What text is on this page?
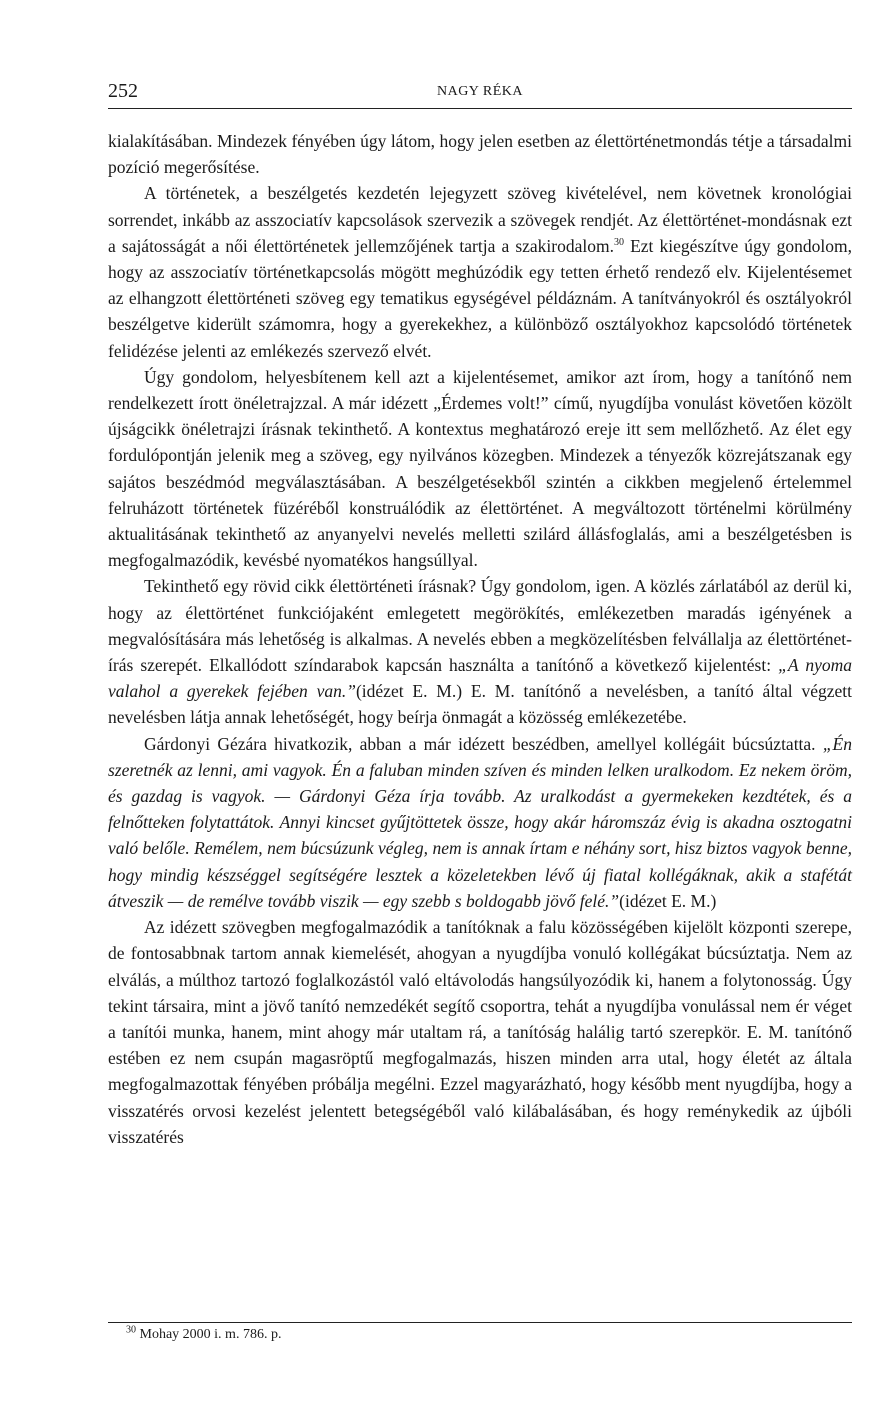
252	NAGY RÉKA

kialakításában. Mindezek fényében úgy látom, hogy jelen esetben az élettörténetmondás tétje a társadalmi pozíció megerősítése.

A történetek, a beszélgetés kezdetén lejegyzett szöveg kivételével, nem követnek kronológiai sorrendet, inkább az asszociatív kapcsolások szervezik a szövegek rendjét. Az élettörténet-mondásnak ezt a sajátosságát a női élettörténetek jellemzőjének tartja a szakirodalom.$^{30}$ Ezt kiegészítve úgy gondolom, hogy az asszociatív történetkapcsolás mögött meghúzódik egy tetten érhető rendező elv. Kijelentésemet az elhangzott élettörténeti szöveg egy tematikus egységével példáznám. A tanítványokról és osztályokról beszélgetve kiderült számomra, hogy a gyerekekhez, a különböző osztályokhoz kapcsolódó történetek felidézése jelenti az emlékezés szervező elvét.

Úgy gondolom, helyesbítenem kell azt a kijelentésemet, amikor azt írom, hogy a tanítónő nem rendelkezett írott önéletrajzzal. A már idézett „Érdemes volt!” című, nyugdíjba vonulást követően közölt újságcikk önéletrajzi írásnak tekinthető. A kontextus meghatározó ereje itt sem mellőzhető. Az élet egy fordulópontján jelenik meg a szöveg, egy nyilvános közegben. Mindezek a tényezők közrejátszanak egy sajátos beszédmód megválasztásában. A beszélgetésekből szintén a cikkben megjelenő értelemmel felruházott történetek füzéréből konstruálódik az élettörténet. A megváltozott történelmi körülmény aktualitásának tekinthető az anyanyelvi nevelés melletti szilárd állásfoglalás, ami a beszélgetésben is megfogalmazódik, kevésbé nyomatékos hangsúllyal.

Tekinthető egy rövid cikk élettörténeti írásnak? Úgy gondolom, igen. A közlés zárlatából az derül ki, hogy az élettörténet funkciójaként emlegetett megörökítés, emlékezetben maradás igényének a megvalósítására más lehetőség is alkalmas. A nevelés ebben a megközelítésben felvállalja az élettörténet-írás szerepét. Elkallódott színdarabok kapcsán használta a tanítónő a következő kijelentést: „A nyoma valahol a gyerekek fejében van.”(idézet E. M.) E. M. tanítónő a nevelésben, a tanító által végzett nevelésben látja annak lehetőségét, hogy beírja önmagát a közösség emlékezetébe.

Gárdonyi Gézára hivatkozik, abban a már idézett beszédben, amellyel kollégáit búcsúztatta. „Én szeretnék az lenni, ami vagyok. Én a faluban minden szíven és minden lelken uralkodom. Ez nekem öröm, és gazdag is vagyok. — Gárdonyi Géza írja tovább. Az uralkodást a gyermekeken kezdtétek, és a felnőtteken folytattátok. Annyi kincset gyűjtöttetek össze, hogy akár háromszáz évig is akadna osztogatni való belőle. Remélem, nem búcsúzunk végleg, nem is annak írtam e néhány sort, hisz biztos vagyok benne, hogy mindig készséggel segítségére lesztek a közeletekben lévő új fiatal kollégáknak, akik a stafétát átveszik — de remélve tovább viszik — egy szebb s boldogabb jövő felé.”(idézet E. M.)

Az idézett szövegben megfogalmazódik a tanítóknak a falu közösségében kijelölt központi szerepe, de fontosabbnak tartom annak kiemelését, ahogyan a nyugdíjba vonuló kollégákat búcsúztatja. Nem az elválás, a múlthoz tartozó foglalkozástól való eltávolodás hangsúlyozódik ki, hanem a folytonosság. Úgy tekint társaira, mint a jövő tanító nemzedékét segítő csoportra, tehát a nyugdíjba vonulással nem ér véget a tanítói munka, hanem, mint ahogy már utaltam rá, a tanítóság halálig tartó szerepkör. E. M. tanítónő estében ez nem csupán magasröptű megfogalmazás, hiszen minden arra utal, hogy életét az általa megfogalmazottak fényében próbálja megélni. Ezzel magyarázható, hogy később ment nyugdíjba, hogy a visszatérés orvosi kezelést jelentett betegségéből való kilábalásában, és hogy reménykedik az újbóli visszatérés

$^{30}$ Mohay 2000 i. m. 786. p.
